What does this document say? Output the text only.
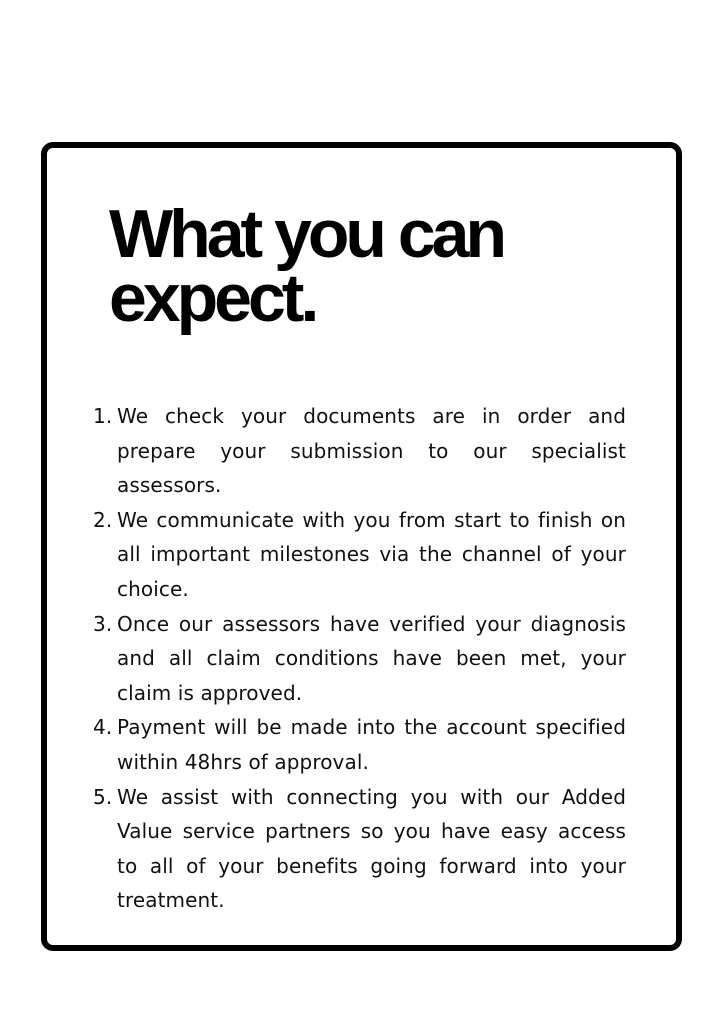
What you can
expect.
1. We check your documents are in order and prepare your submission to our specialist assessors.
2. We communicate with you from start to finish on all important milestones via the channel of your choice.
3. Once our assessors have verified your diagnosis and all claim conditions have been met, your claim is approved.
4. Payment will be made into the account specified within 48hrs of approval.
5. We assist with connecting you with our Added Value service partners so you have easy access to all of your benefits going forward into your treatment.
